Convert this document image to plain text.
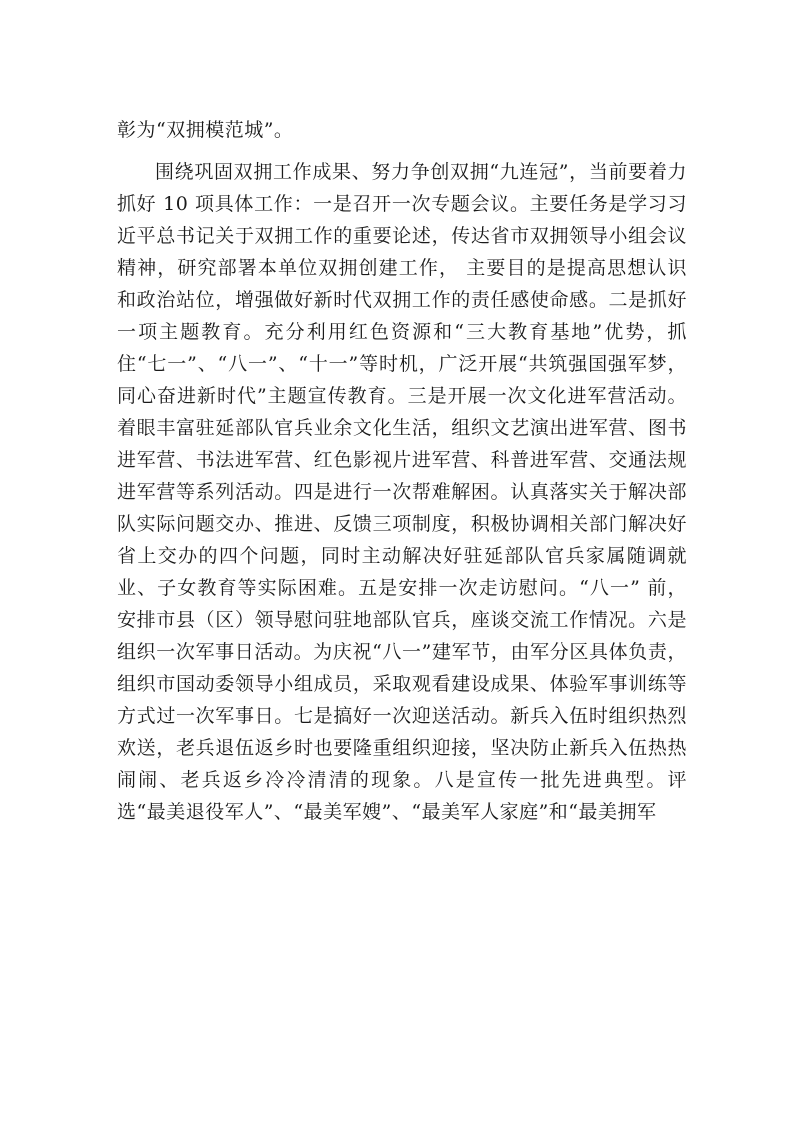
彰为“双拥模范城”。

围绕巩固双拥工作成果、努力争创双拥“九连冠”，当前要着力抓好 10 项具体工作：一是召开一次专题会议。主要任务是学习习近平总书记关于双拥工作的重要论述，传达省市双拥领导小组会议精神，研究部署本单位双拥创建工作， 主要目的是提高思想认识和政治站位，增强做好新时代双拥工作的责任感使命感。二是抓好一项主题教育。充分利用红色资源和“三大教育基地”优势，抓住“七一”、“八一”、“十一”等时机，广泛开展“共筑强国强军梦，同心奋进新时代”主题宣传教育。三是开展一次文化进军营活动。着眼丰富驻延部队官兵业余文化生活，组织文艺演出进军营、图书进军营、书法进军营、红色影视片进军营、科普进军营、交通法规进军营等系列活动。四是进行一次帮难解困。认真落实关于解决部队实际问题交办、推进、反馈三项制度，积极协调相关部门解决好省上交办的四个问题，同时主动解决好驻延部队官兵家属随调就业、子女教育等实际困难。五是安排一次走访慰问。“八一” 前，安排市县（区）领导慰问驻地部队官兵，座谈交流工作情况。六是组织一次军事日活动。为庆祝“八一”建军节，由军分区具体负责，组织市国动委领导小组成员，采取观看建设成果、体验军事训练等方式过一次军事日。七是搞好一次迎送活动。新兵入伍时组织热烈欢送，老兵退伍返乡时也要隆重组织迎接，坚决防止新兵入伍热热闹闹、老兵返乡冷冷清清的现象。八是宣传一批先进典型。评选“最美退役军人”、“最美军嫂”、“最美军人家庭”和“最美拥军
